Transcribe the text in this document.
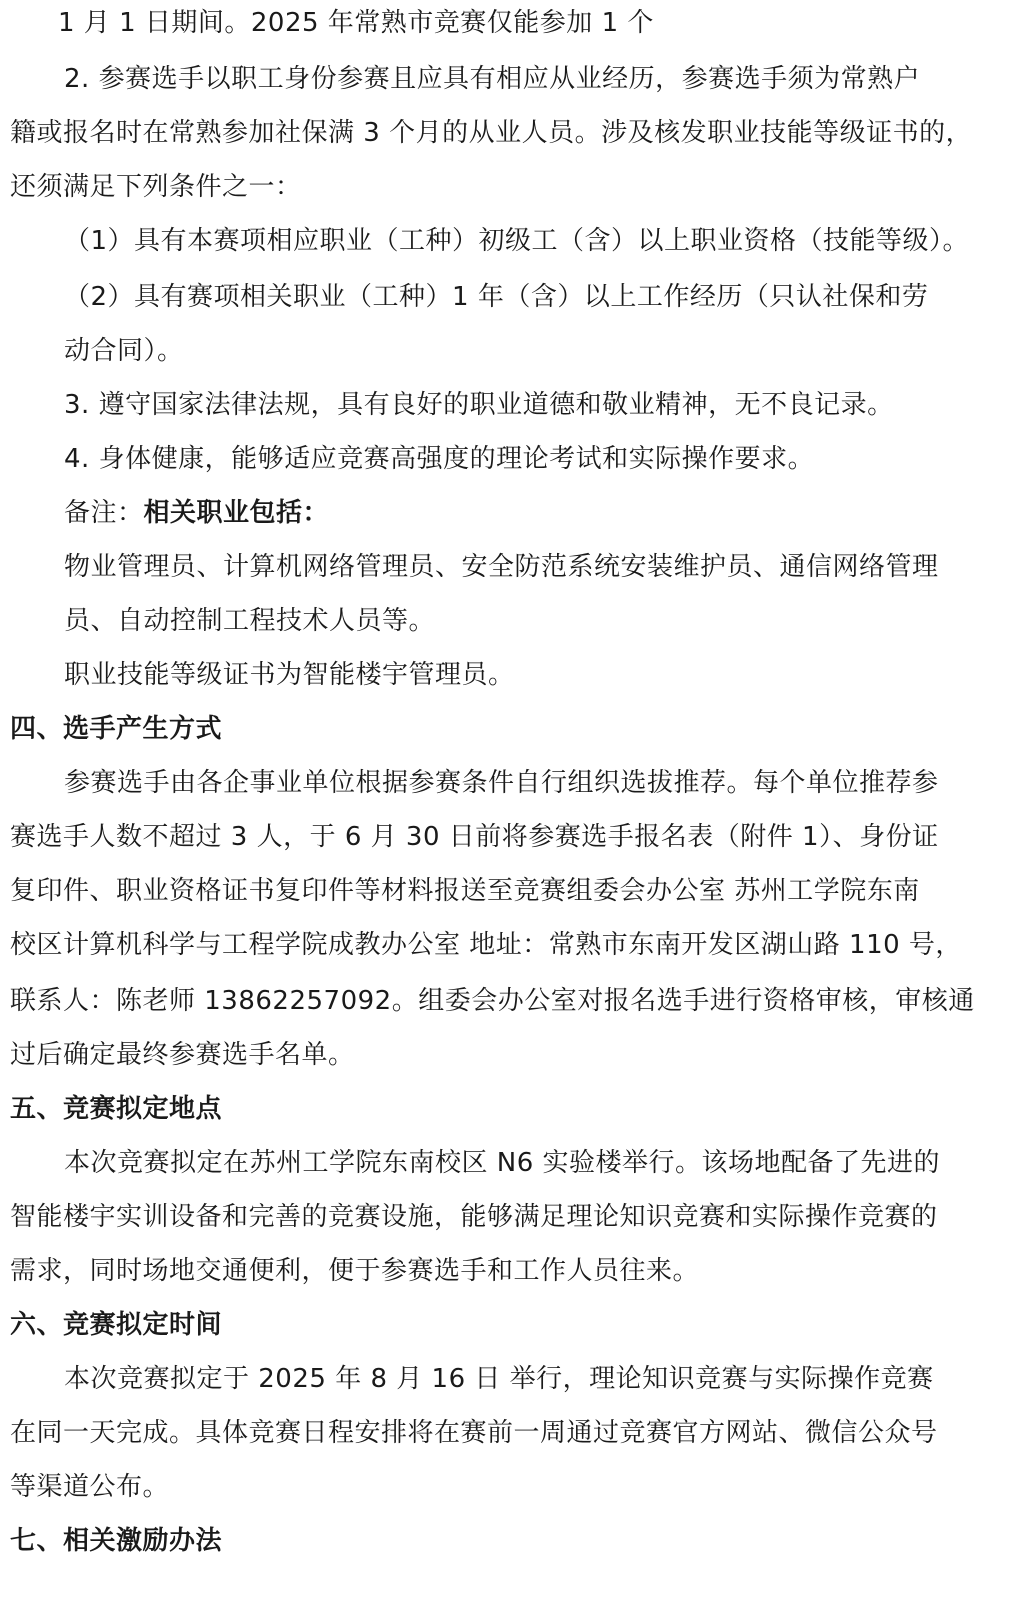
1 月 1 日期间。2025 年常熟市竞赛仅能参加 1 个
2. 参赛选手以职工身份参赛且应具有相应从业经历，参赛选手须为常熟户
籍或报名时在常熟参加社保满 3 个月的从业人员。涉及核发职业技能等级证书的，
还须满足下列条件之一：
（1）具有本赛项相应职业（工种）初级工（含）以上职业资格（技能等级）。
（2）具有赛项相关职业（工种）1 年（含）以上工作经历（只认社保和劳
动合同）。
3. 遵守国家法律法规，具有良好的职业道德和敬业精神，无不良记录。
4. 身体健康，能够适应竞赛高强度的理论考试和实际操作要求。
备注：相关职业包括：
物业管理员、计算机网络管理员、安全防范系统安装维护员、通信网络管理
员、自动控制工程技术人员等。
职业技能等级证书为智能楼宇管理员。
四、选手产生方式
参赛选手由各企事业单位根据参赛条件自行组织选拔推荐。每个单位推荐参
赛选手人数不超过 3 人，于 6 月 30 日前将参赛选手报名表（附件 1）、身份证
复印件、职业资格证书复印件等材料报送至竞赛组委会办公室 苏州工学院东南
校区计算机科学与工程学院成教办公室 地址：常熟市东南开发区湖山路 110 号，
联系人：陈老师 13862257092。组委会办公室对报名选手进行资格审核，审核通
过后确定最终参赛选手名单。
五、竞赛拟定地点
本次竞赛拟定在苏州工学院东南校区 N6 实验楼举行。该场地配备了先进的
智能楼宇实训设备和完善的竞赛设施，能够满足理论知识竞赛和实际操作竞赛的
需求，同时场地交通便利，便于参赛选手和工作人员往来。
六、竞赛拟定时间
本次竞赛拟定于 2025 年 8 月 16 日 举行，理论知识竞赛与实际操作竞赛
在同一天完成。具体竞赛日程安排将在赛前一周通过竞赛官方网站、微信公众号
等渠道公布。
七、相关激励办法
